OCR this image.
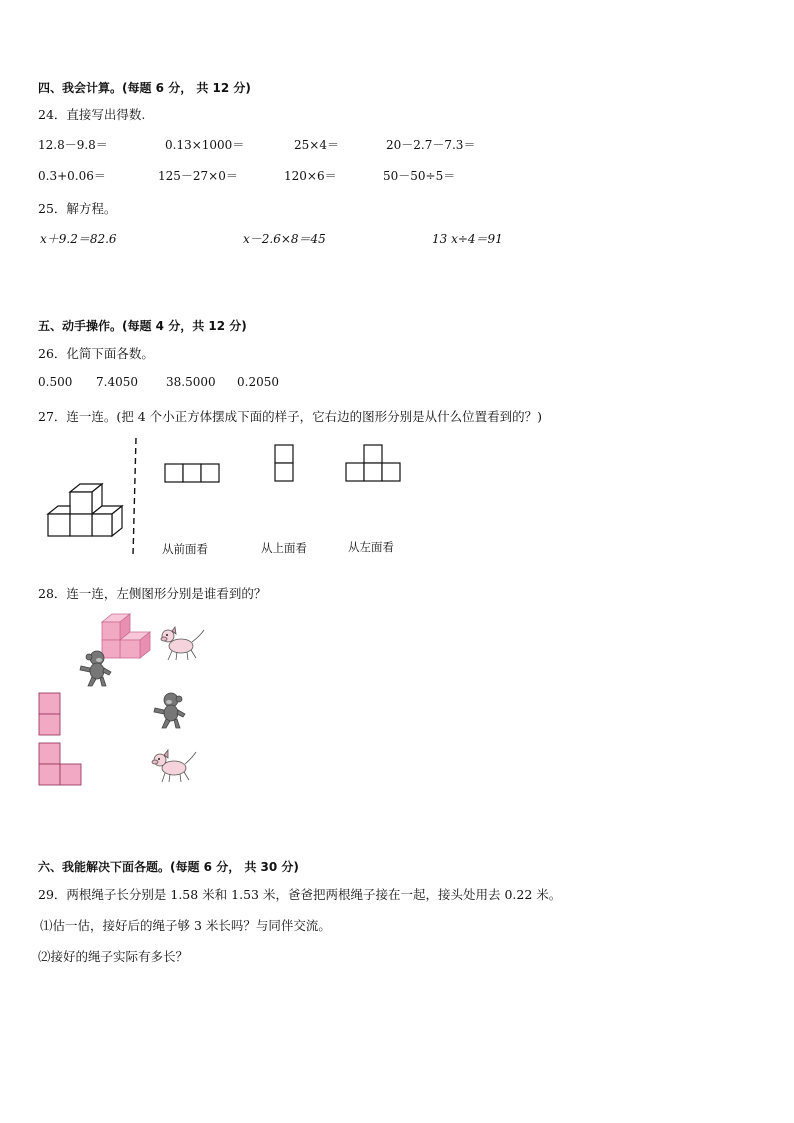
四、我会计算。(每题 6 分， 共 12 分)
24．直接写出得数.
12.8－9.8＝	0.13×1000＝	25×4＝	20－2.7－7.3＝
0.3+0.06＝	125－27×0＝	120×6＝	50－50÷5＝
25．解方程。
x＋9.2＝82.6	x－2.6×8＝45	13 x÷4＝91
五、动手操作。(每题 4 分，共 12 分)
26．化简下面各数。
0.500 7.4050 38.5000 0.2050
27．连一连。(把 4 个小正方体摆成下面的样子，它右边的图形分别是从什么位置看到的？)
从前面看	从上面看	从左面看
28．连一连，左侧图形分别是谁看到的？
六、我能解决下面各题。(每题 6 分， 共 30 分)
29．两根绳子长分别是 1.58 米和 1.53 米，爸爸把两根绳子接在一起，接头处用去 0.22 米。
⑴估一估，接好后的绳子够 3 米长吗？与同伴交流。
⑵接好的绳子实际有多长？
